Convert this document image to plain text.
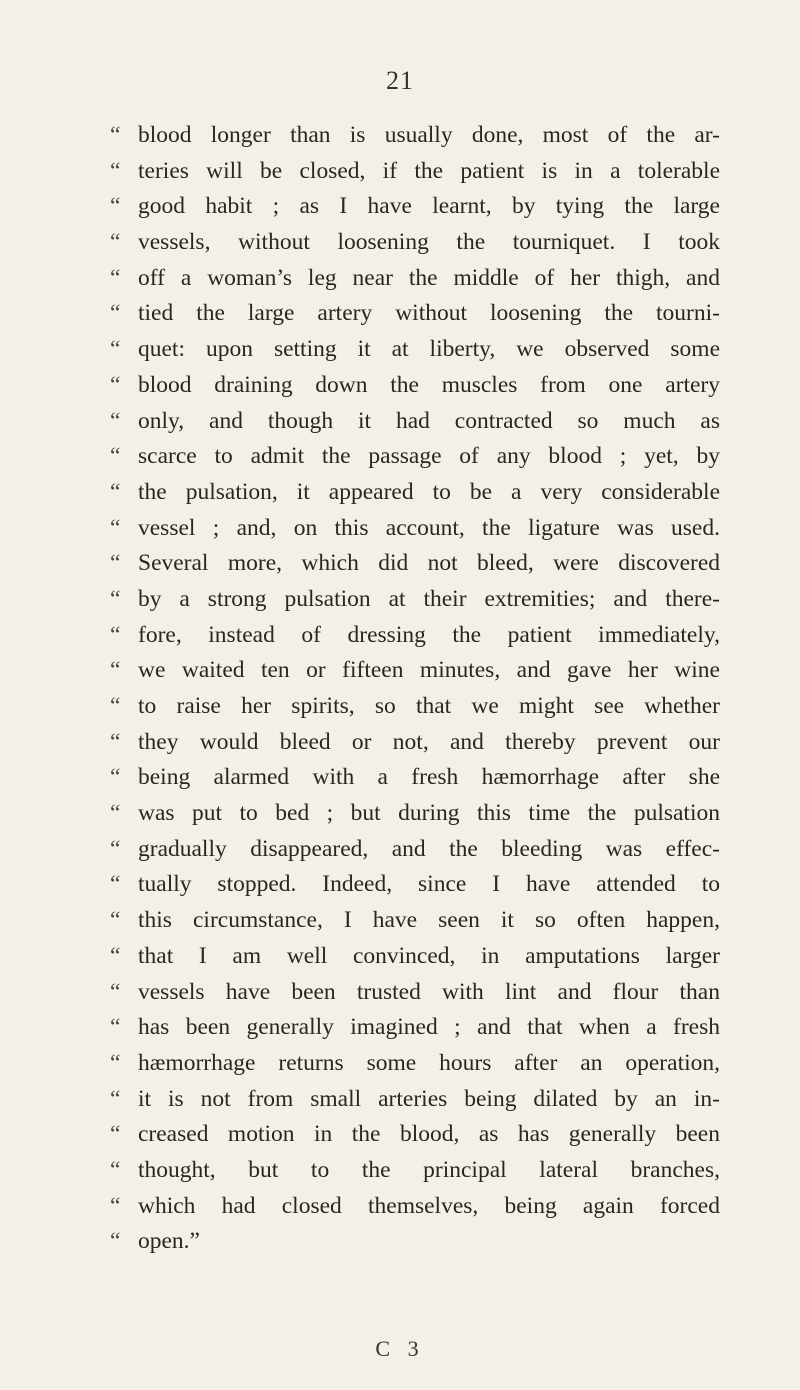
21
“ blood longer than is usually done, most of the ar-
“ teries will be closed, if the patient is in a tolerable
“ good habit ; as I have learnt, by tying the large
“ vessels, without loosening the tourniquet. I took
“ off a woman’s leg near the middle of her thigh, and
“ tied the large artery without loosening the tourni-
“ quet: upon setting it at liberty, we observed some
“ blood draining down the muscles from one artery
“ only, and though it had contracted so much as
“ scarce to admit the passage of any blood ; yet, by
“ the pulsation, it appeared to be a very considerable
“ vessel ; and, on this account, the ligature was used.
“ Several more, which did not bleed, were discovered
“ by a strong pulsation at their extremities; and there-
“ fore, instead of dressing the patient immediately,
“ we waited ten or fifteen minutes, and gave her wine
“ to raise her spirits, so that we might see whether
“ they would bleed or not, and thereby prevent our
“ being alarmed with a fresh hæmorrhage after she
“ was put to bed ; but during this time the pulsation
“ gradually disappeared, and the bleeding was effec-
“ tually stopped. Indeed, since I have attended to
“ this circumstance, I have seen it so often happen,
“ that I am well convinced, in amputations larger
“ vessels have been trusted with lint and flour than
“ has been generally imagined ; and that when a fresh
“ hæmorrhage returns some hours after an operation,
“ it is not from small arteries being dilated by an in-
“ creased motion in the blood, as has generally been
“ thought, but to the principal lateral branches,
“ which had closed themselves, being again forced
“ open.”
C 3
